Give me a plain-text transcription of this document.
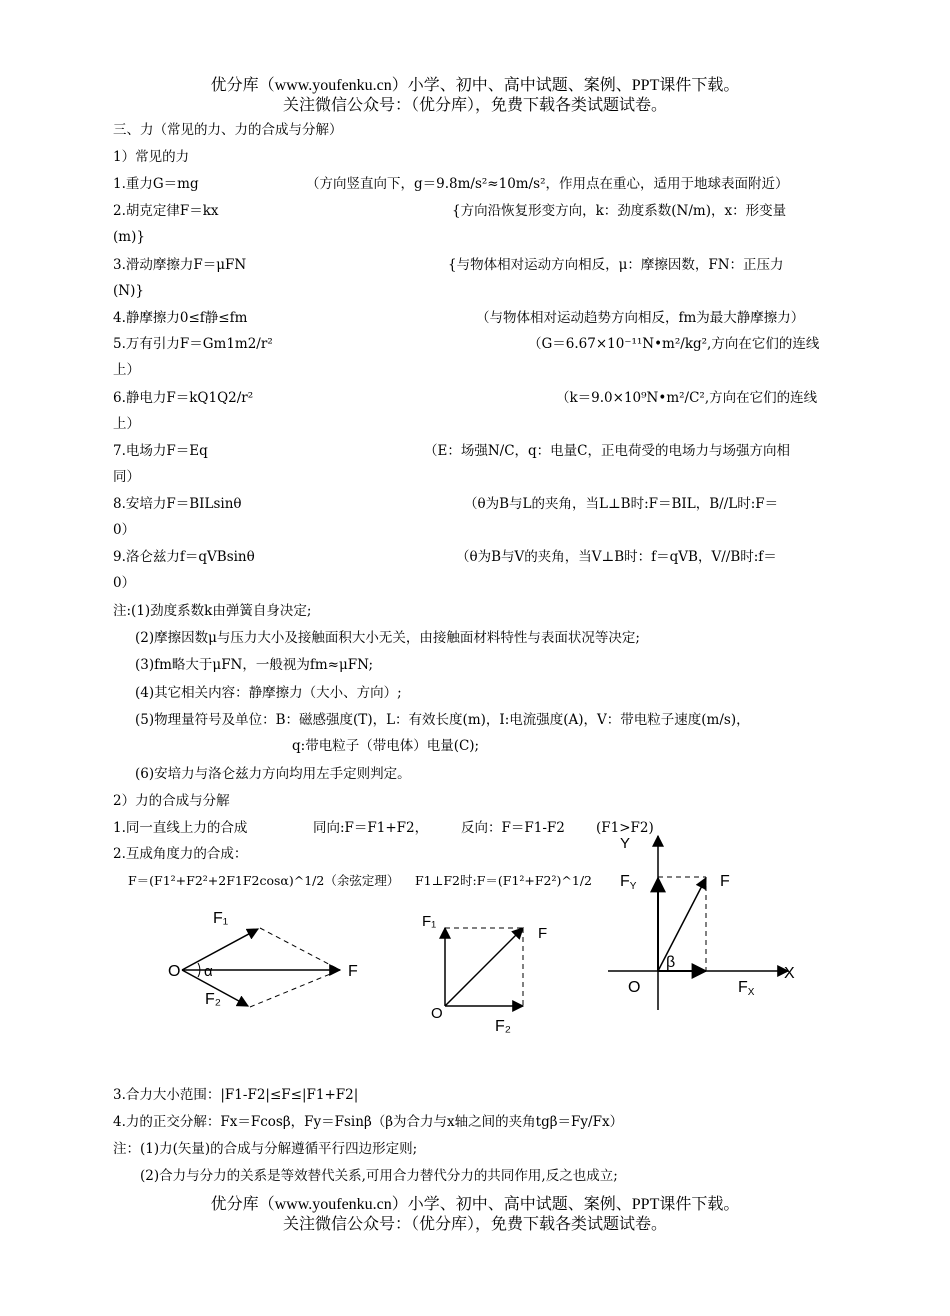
优分库（www.youfenku.cn）小学、初中、高中试题、案例、PPT课件下载。
关注微信公众号：（优分库），免费下载各类试题试卷。
三、力（常见的力、力的合成与分解）
1）常见的力
1.重力G＝mg	（方向竖直向下，g＝9.8m/s²≈10m/s²，作用点在重心，适用于地球表面附近）
2.胡克定律F＝kx	{方向沿恢复形变方向，k：劲度系数(N/m)，x：形变量
(m)}
3.滑动摩擦力F＝μFN	{与物体相对运动方向相反，μ：摩擦因数，FN：正压力
(N)}
4.静摩擦力0≤f静≤fm	（与物体相对运动趋势方向相反，fm为最大静摩擦力）
5.万有引力F＝Gm1m2/r²	（G＝6.67×10⁻¹¹N•m²/kg²,方向在它们的连线
上）
6.静电力F＝kQ1Q2/r²	（k＝9.0×10⁹N•m²/C²,方向在它们的连线
上）
7.电场力F＝Eq	（E：场强N/C，q：电量C，正电荷受的电场力与场强方向相
同）
8.安培力F＝BILsinθ	（θ为B与L的夹角，当L⊥B时:F＝BIL，B//L时:F＝
0）
9.洛仑兹力f＝qVBsinθ	（θ为B与V的夹角，当V⊥B时：f＝qVB，V//B时:f＝
0）
注:(1)劲度系数k由弹簧自身决定;
(2)摩擦因数μ与压力大小及接触面积大小无关，由接触面材料特性与表面状况等决定;
(3)fm略大于μFN，一般视为fm≈μFN;
(4)其它相关内容：静摩擦力（大小、方向）;
(5)物理量符号及单位：B：磁感强度(T)，L：有效长度(m)，I:电流强度(A)，V：带电粒子速度(m/s)，
q:带电粒子（带电体）电量(C);
(6)安培力与洛仑兹力方向均用左手定则判定。
2）力的合成与分解
1.同一直线上力的合成	同向:F＝F1+F2， 反向：F＝F1-F2 (F1>F2)
2.互成角度力的合成：
F＝(F1²+F2²+2F1F2cosα)^1/2（余弦定理） F1⊥F2时:F＝(F1²+F2²)^1/2
F₁
O α
F₂
F
F₁
F
O
F₂
Y
FY	F
β
O	FX
X
3.合力大小范围：|F1-F2|≤F≤|F1+F2|
4.力的正交分解：Fx＝Fcosβ，Fy＝Fsinβ（β为合力与x轴之间的夹角tgβ＝Fy/Fx）
注：(1)力(矢量)的合成与分解遵循平行四边形定则;
(2)合力与分力的关系是等效替代关系,可用合力替代分力的共同作用,反之也成立;
优分库（www.youfenku.cn）小学、初中、高中试题、案例、PPT课件下载。
关注微信公众号：（优分库），免费下载各类试题试卷。
